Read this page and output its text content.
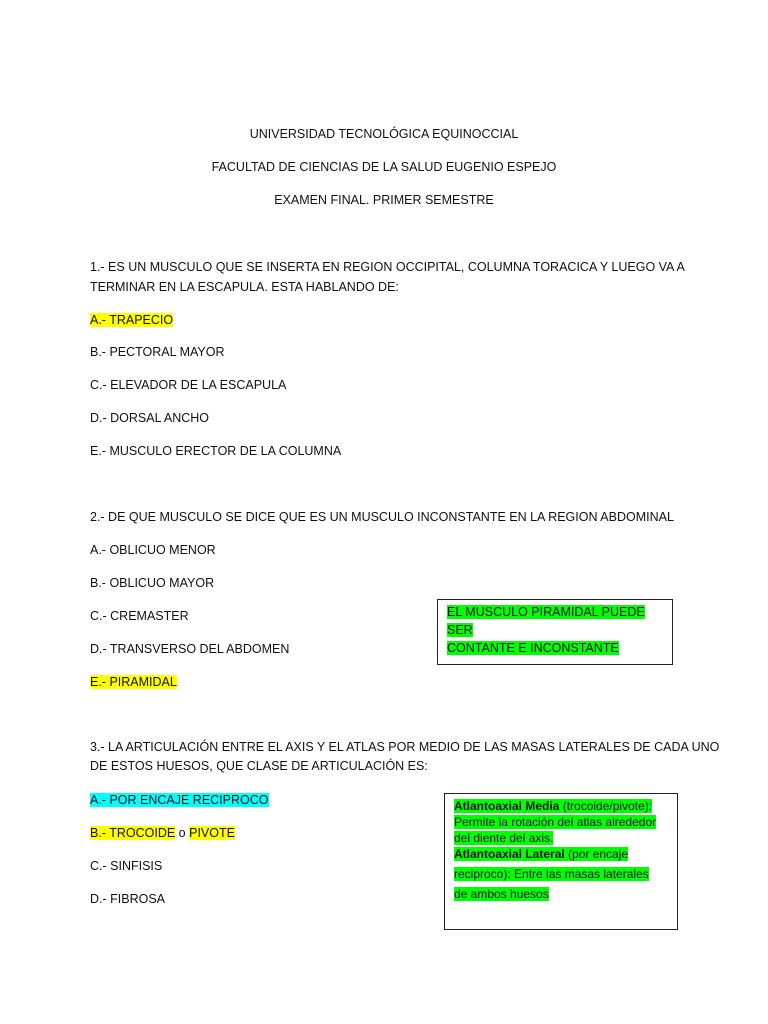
UNIVERSIDAD TECNOLÓGICA EQUINOCCIAL
FACULTAD DE CIENCIAS DE LA SALUD EUGENIO ESPEJO
EXAMEN FINAL. PRIMER SEMESTRE
1.- ES UN MUSCULO QUE SE INSERTA EN REGION OCCIPITAL, COLUMNA TORACICA Y LUEGO VA A
TERMINAR EN LA ESCAPULA. ESTA HABLANDO DE:
A.- TRAPECIO
B.- PECTORAL MAYOR
C.- ELEVADOR DE LA ESCAPULA
D.- DORSAL ANCHO
E.- MUSCULO ERECTOR DE LA COLUMNA
2.- DE QUE MUSCULO SE DICE QUE ES UN MUSCULO INCONSTANTE EN LA REGION ABDOMINAL
A.- OBLICUO MENOR
B.- OBLICUO MAYOR
C.- CREMASTER
D.- TRANSVERSO DEL ABDOMEN
E.- PIRAMIDAL
EL MUSCULO PIRAMIDAL PUEDE SER
CONTANTE E INCONSTANTE
3.- LA ARTICULACIÓN ENTRE EL AXIS Y EL ATLAS POR MEDIO DE LAS MASAS LATERALES DE CADA UNO
DE ESTOS HUESOS, QUE CLASE DE ARTICULACIÓN ES:
A.- POR ENCAJE RECIPROCO
B.- TROCOIDE o PIVOTE
C.- SINFISIS
D.- FIBROSA
Atlantoaxial Media (trocoide/pivote): Permite la rotación del atlas alrededor del diente del axis.
Atlantoaxial Lateral (por encaje
reciproco): Entre las masas laterales
de ambos huesos
